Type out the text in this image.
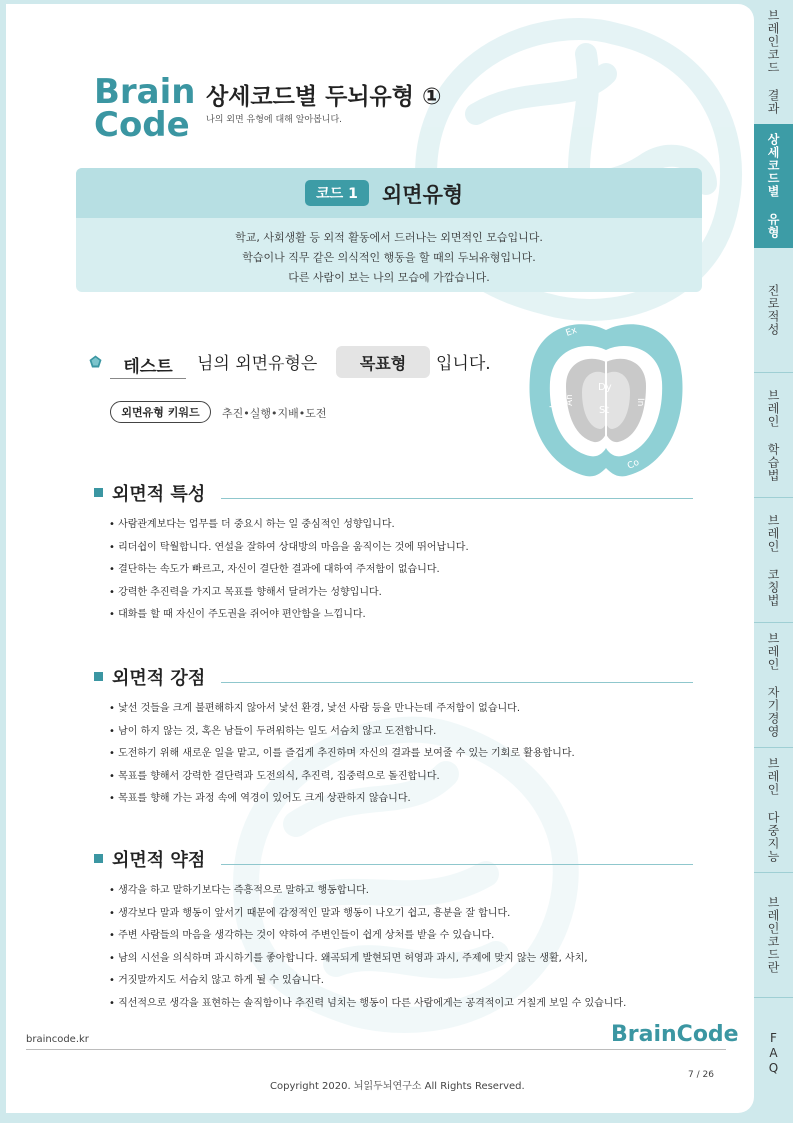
Brain
Code
상세코드별 두뇌유형 ①
나의 외면 유형에 대해 알아봅니다.
코드 1	외면유형
학교, 사회생활 등 외적 활동에서 드러나는 외면적인 모습입니다.
학습이나 직무 같은 의식적인 행동을 할 때의 두뇌유형입니다.
다른 사람이 보는 나의 모습에 가깝습니다.
테스트	님의 외면유형은	목표형	입니다.
외면유형 키워드	추진•실행•지배•도전
Ex
Lo An
Dy
St
In Em
Co
외면적 특성
• 사람관계보다는 업무를 더 중요시 하는 일 중심적인 성향입니다.
• 리더쉽이 탁월합니다. 연설을 잘하여 상대방의 마음을 움직이는 것에 뛰어납니다.
• 결단하는 속도가 빠르고, 자신이 결단한 결과에 대하여 주저함이 없습니다.
• 강력한 추진력을 가지고 목표를 향해서 달려가는 성향입니다.
• 대화를 할 때 자신이 주도권을 쥐어야 편안함을 느낍니다.
외면적 강점
• 낯선 것들을 크게 불편해하지 않아서 낯선 환경, 낯선 사람 등을 만나는데 주저함이 없습니다.
• 남이 하지 않는 것, 혹은 남들이 두려워하는 일도 서슴치 않고 도전합니다.
• 도전하기 위해 새로운 일을 맡고, 이를 즐겁게 추진하며 자신의 결과를 보여줄 수 있는 기회로 활용합니다.
• 목표를 향해서 강력한 결단력과 도전의식, 추진력, 집중력으로 돌진합니다.
• 목표를 향해 가는 과정 속에 역경이 있어도 크게 상관하지 않습니다.
외면적 약점
• 생각을 하고 말하기보다는 즉흥적으로 말하고 행동합니다.
• 생각보다 말과 행동이 앞서기 때문에 감정적인 말과 행동이 나오기 쉽고, 흥분을 잘 합니다.
• 주변 사람들의 마음을 생각하는 것이 약하여 주변인들이 쉽게 상처를 받을 수 있습니다.
• 남의 시선을 의식하며 과시하기를 좋아합니다. 왜곡되게 발현되면 허영과 과시, 주제에 맞지 않는 생활, 사치,
• 거짓말까지도 서슴치 않고 하게 될 수 있습니다.
• 직선적으로 생각을 표현하는 솔직함이나 추진력 넘치는 행동이 다른 사람에게는 공격적이고 거칠게 보일 수 있습니다.
braincode.kr	BrainCode
Copyright 2020. 뇌읽두뇌연구소 All Rights Reserved.
7 / 26
브레인코드 결과
상세코드별 유형
진로적성
브레인 학습법
브레인 코칭법
브레인 자기경영
브레인 다중지능
브레인코드란
FAQ
